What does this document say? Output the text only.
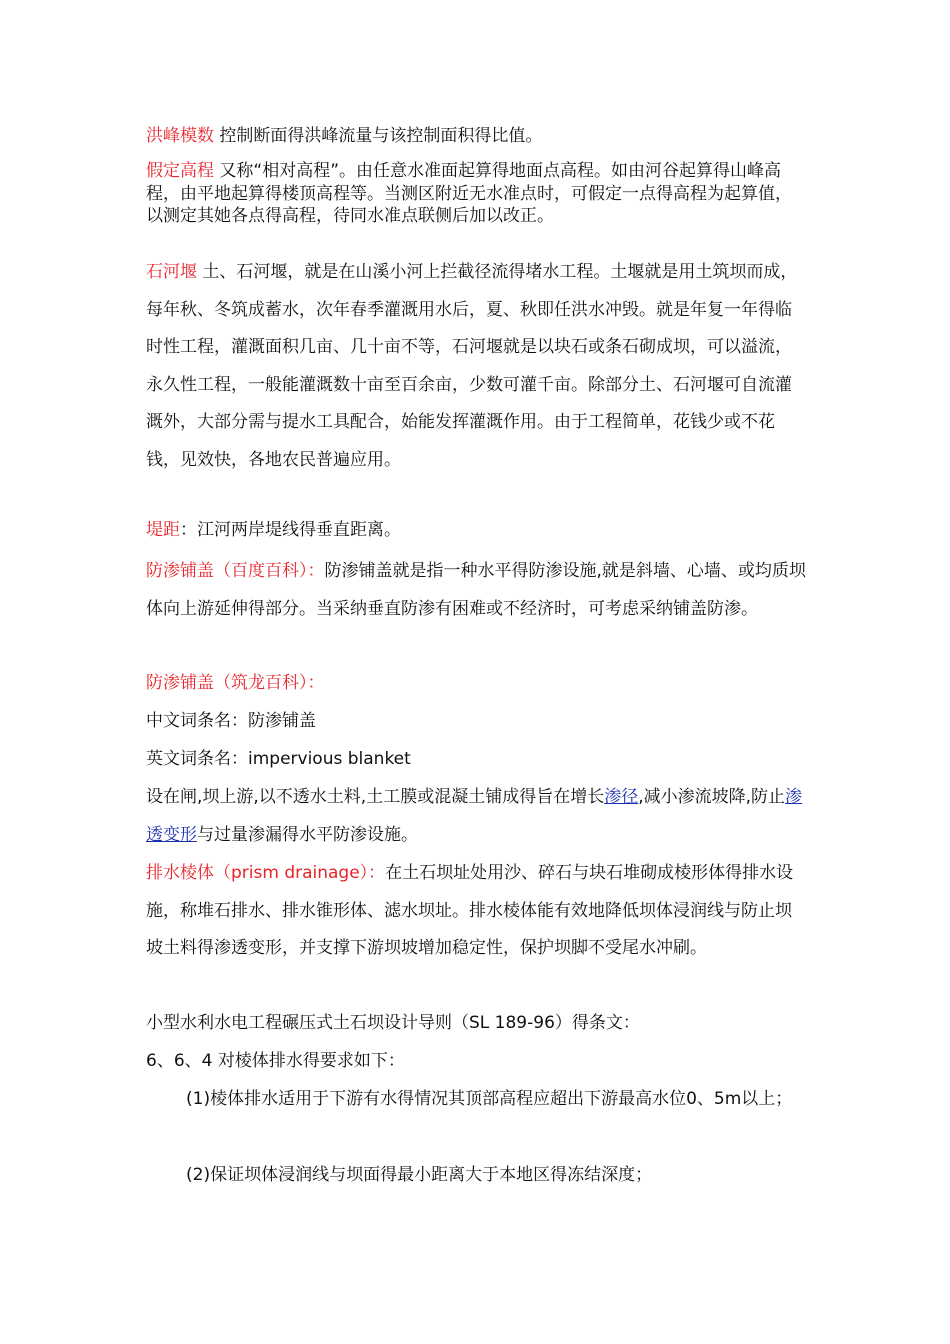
洪峰模数 控制断面得洪峰流量与该控制面积得比值。
假定高程 又称“相对高程”。由任意水准面起算得地面点高程。如由河谷起算得山峰高程，由平地起算得楼顶高程等。当测区附近无水准点时，可假定一点得高程为起算值，以测定其她各点得高程，待同水准点联侧后加以改正。
石河堰 土、石河堰，就是在山溪小河上拦截径流得堵水工程。土堰就是用土筑坝而成，每年秋、冬筑成蓄水，次年春季灌溉用水后，夏、秋即任洪水冲毁。就是年复一年得临时性工程，灌溉面积几亩、几十亩不等，石河堰就是以块石或条石砌成坝，可以溢流，永久性工程，一般能灌溉数十亩至百余亩，少数可灌千亩。除部分土、石河堰可自流灌溉外，大部分需与提水工具配合，始能发挥灌溉作用。由于工程简单，花钱少或不花钱，见效快，各地农民普遍应用。
堤距：江河两岸堤线得垂直距离。
防渗铺盖（百度百科）：防渗铺盖就是指一种水平得防渗设施,就是斜墙、心墙、或均质坝体向上游延伸得部分。当采纳垂直防渗有困难或不经济时，可考虑采纳铺盖防渗。
防渗铺盖（筑龙百科）：
中文词条名：防渗铺盖
英文词条名：impervious blanket
设在闸,坝上游,以不透水土料,土工膜或混凝土铺成得旨在增长渗径,减小渗流坡降,防止渗透变形与过量渗漏得水平防渗设施。
排水棱体（prism drainage）：在土石坝址处用沙、碎石与块石堆砌成棱形体得排水设施，称堆石排水、排水锥形体、滤水坝址。排水棱体能有效地降低坝体浸润线与防止坝坡土料得渗透变形，并支撑下游坝坡增加稳定性，保护坝脚不受尾水冲刷。
小型水利水电工程碾压式土石坝设计导则（SL 189-96）得条文：
6、6、4 对棱体排水得要求如下：
(1)棱体排水适用于下游有水得情况其顶部高程应超出下游最高水位0、5m以上；
(2)保证坝体浸润线与坝面得最小距离大于本地区得冻结深度；
